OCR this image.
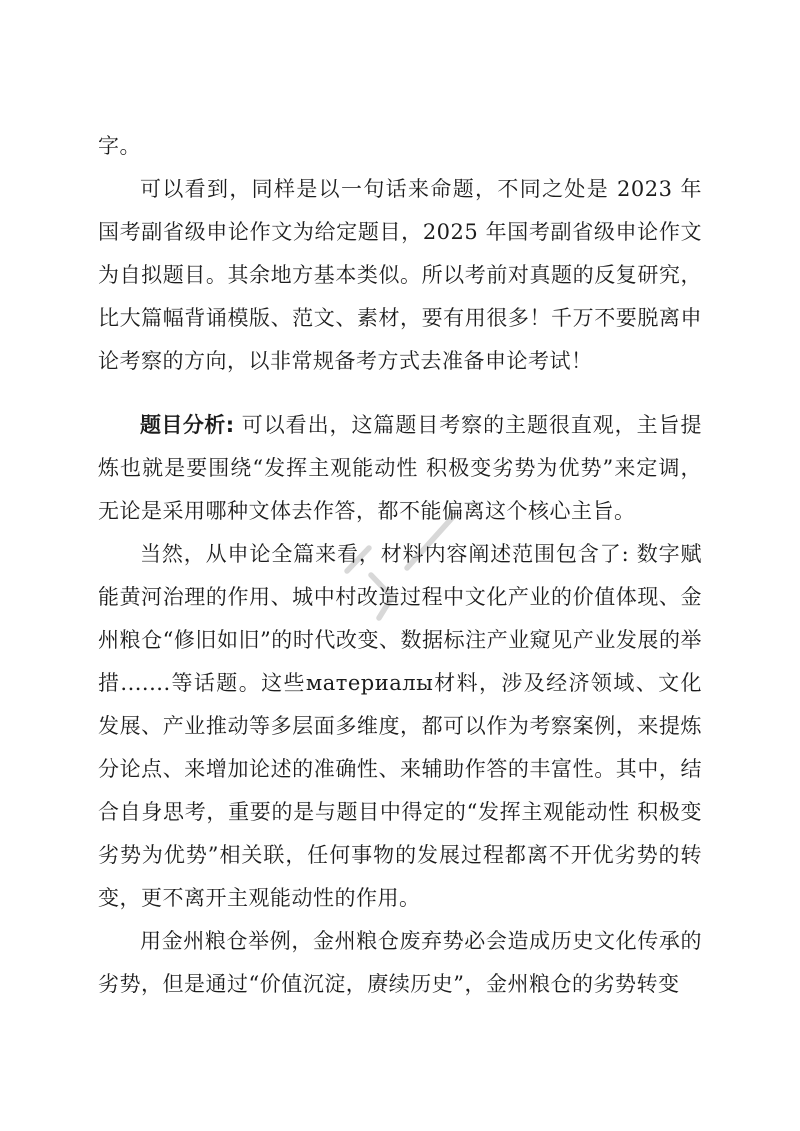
字。

可以看到，同样是以一句话来命题，不同之处是 2023 年国考副省级申论作文为给定题目，2025 年国考副省级申论作文为自拟题目。其余地方基本类似。所以考前对真题的反复研究，比大篇幅背诵模版、范文、素材，要有用很多！千万不要脱离申论考察的方向，以非常规备考方式去准备申论考试！

题目分析: 可以看出，这篇题目考察的主题很直观，主旨提炼也就是要围绕“发挥主观能动性 积极变劣势为优势”来定调，无论是采用哪种文体去作答，都不能偏离这个核心主旨。

当然，从申论全篇来看，材料内容阐述范围包含了: 数字赋能黄河治理的作用、城中村改造过程中文化产业的价值体现、金州粮仓“修旧如旧”的时代改变、数据标注产业窥见产业发展的举措.......等话题。这些материалы材料，涉及经济领域、文化发展、产业推动等多层面多维度，都可以作为考察案例，来提炼分论点、来增加论述的准确性、来辅助作答的丰富性。其中，结合自身思考，重要的是与题目中得定的“发挥主观能动性 积极变劣势为优势”相关联，任何事物的发展过程都离不开优劣势的转变，更不离开主观能动性的作用。

用金州粮仓举例，金州粮仓废弃势必会造成历史文化传承的劣势，但是通过“价值沉淀，赓续历史”，金州粮仓的劣势转变
